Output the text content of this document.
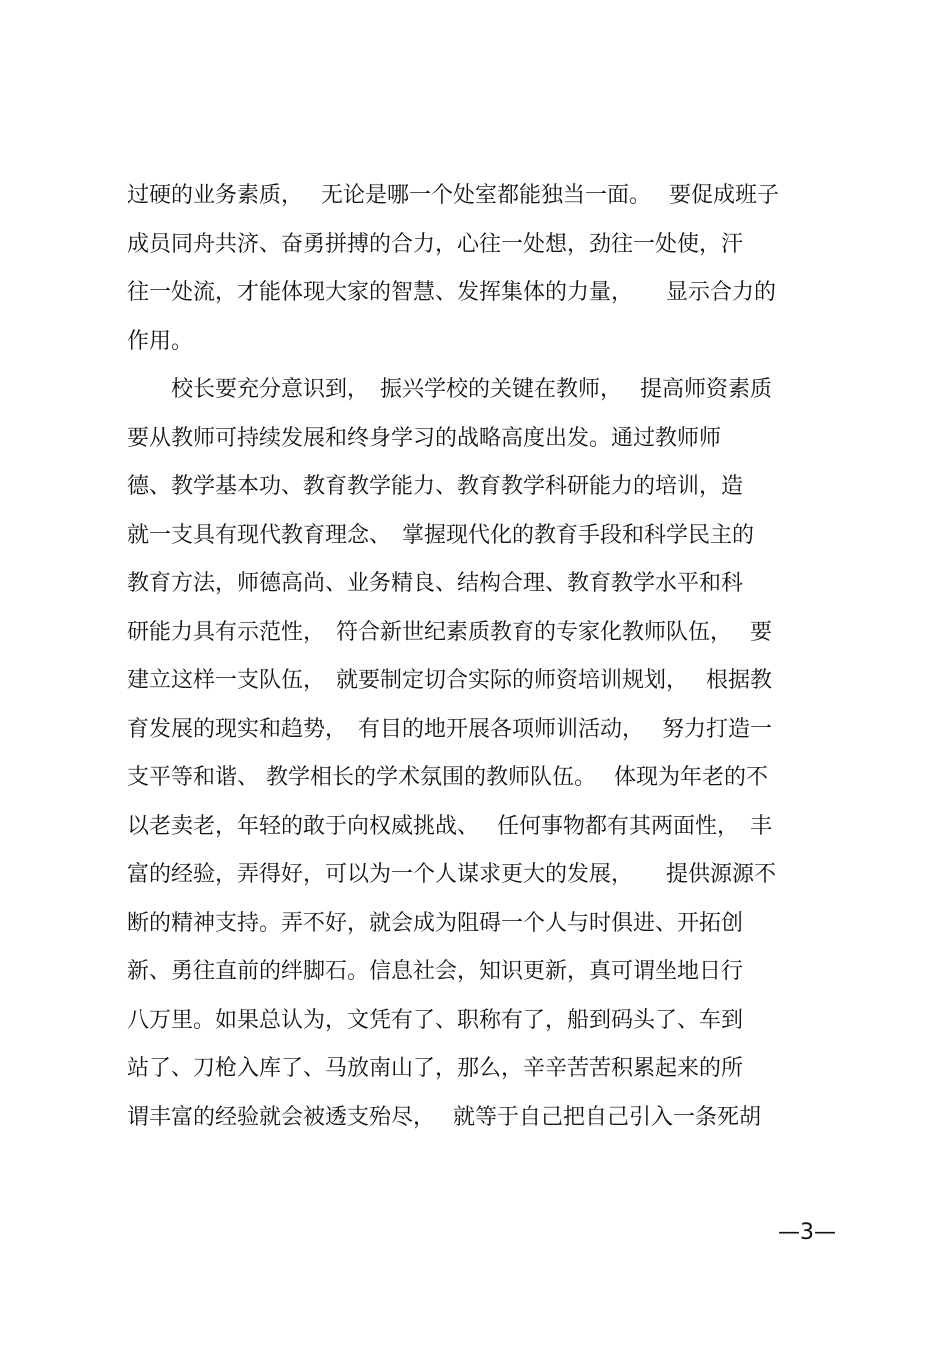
过硬的业务素质，　 无论是哪一个处室都能独当一面。　 要促成班子
成员同舟共济、奋勇拼搏的合力，心往一处想，劲往一处使，汗
往一处流，才能体现大家的智慧、发挥集体的力量，　　显示合力的
作用。
　　校长要充分意识到，　振兴学校的关键在教师，　 提高师资素质
要从教师可持续发展和终身学习的战略高度出发。通过教师师
德、教学基本功、教育教学能力、教育教学科研能力的培训，造
就一支具有现代教育理念、　掌握现代化的教育手段和科学民主的
教育方法，师德高尚、业务精良、结构合理、教育教学水平和科
研能力具有示范性，　符合新世纪素质教育的专家化教师队伍，　 要
建立这样一支队伍，　就要制定切合实际的师资培训规划，　 根据教
育发展的现实和趋势，　有目的地开展各项师训活动，　 努力打造一
支平等和谐、 教学相长的学术氛围的教师队伍。　 体现为年老的不
以老卖老，年轻的敢于向权威挑战、　 任何事物都有其两面性，　丰
富的经验，弄得好，可以为一个人谋求更大的发展，　　提供源源不
断的精神支持。弄不好，就会成为阻碍一个人与时俱进、开拓创
新、勇往直前的绊脚石。信息社会，知识更新，真可谓坐地日行
八万里。如果总认为，文凭有了、职称有了，船到码头了、车到
站了、刀枪入库了、马放南山了，那么，辛辛苦苦积累起来的所
谓丰富的经验就会被透支殆尽，　 就等于自己把自己引入一条死胡
—3—
